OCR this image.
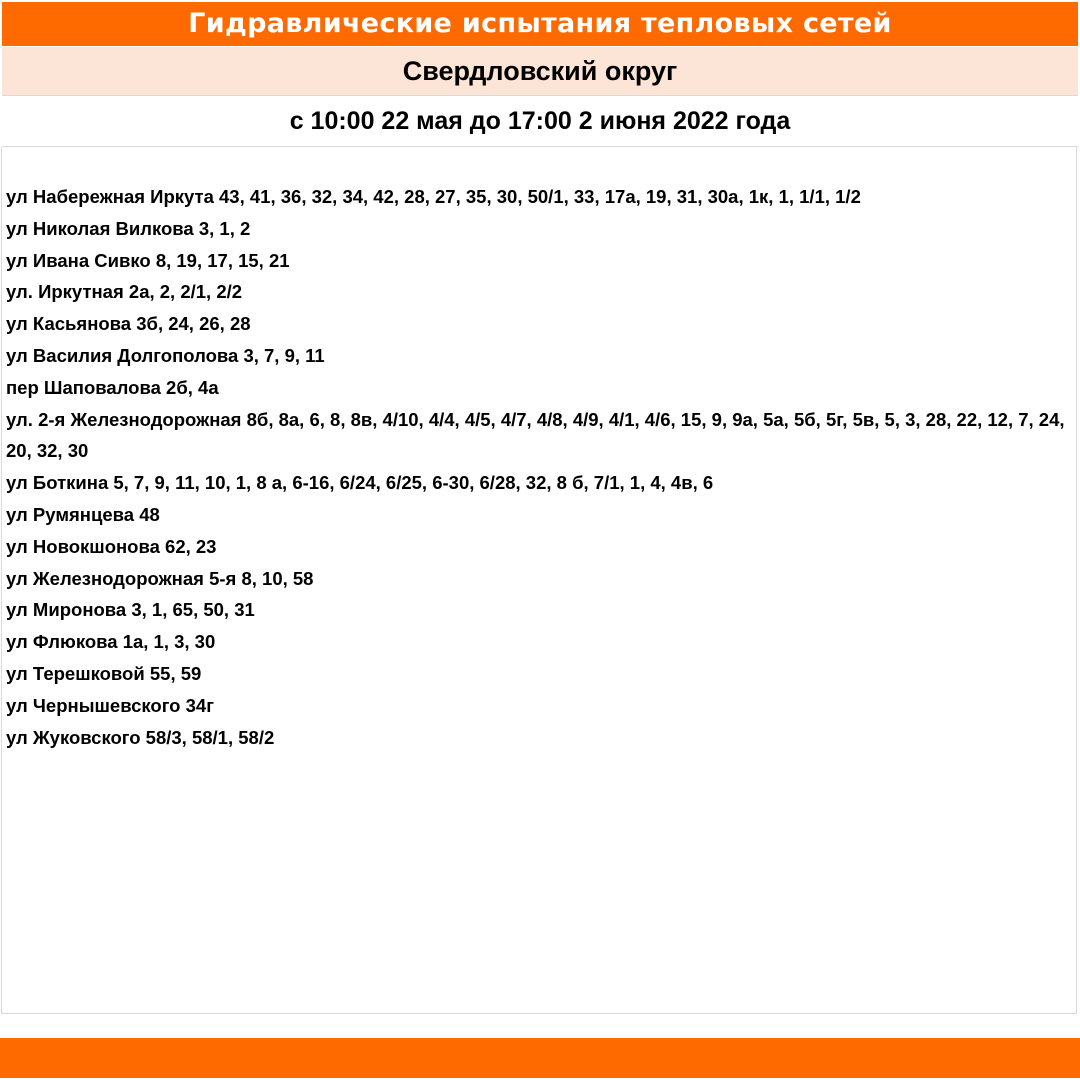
Гидравлические испытания тепловых сетей
Свердловский округ
с 10:00 22 мая до 17:00 2 июня 2022 года
ул Набережная Иркута 43, 41, 36, 32, 34, 42, 28, 27, 35, 30, 50/1, 33, 17а, 19, 31, 30а, 1к, 1, 1/1, 1/2
ул Николая Вилкова 3, 1, 2
ул Ивана Сивко 8, 19, 17, 15, 21
ул. Иркутная 2а, 2, 2/1, 2/2
ул Касьянова 3б, 24, 26, 28
ул Василия Долгополова 3, 7, 9, 11
пер Шаповалова 2б, 4а
ул. 2-я Железнодорожная 8б, 8а, 6, 8, 8в, 4/10, 4/4, 4/5, 4/7, 4/8, 4/9, 4/1, 4/6, 15, 9, 9а, 5а, 5б, 5г, 5в, 5, 3, 28, 22, 12, 7, 24, 20, 32, 30
ул Боткина 5, 7, 9, 11, 10, 1, 8 а, 6-16, 6/24, 6/25, 6-30, 6/28, 32, 8 б, 7/1, 1, 4, 4в, 6
ул Румянцева 48
ул Новокшонова 62, 23
ул Железнодорожная 5-я 8, 10, 58
ул Миронова 3, 1, 65, 50, 31
ул Флюкова 1а, 1, 3, 30
ул Терешковой 55, 59
ул Чернышевского 34г
ул Жуковского 58/3, 58/1, 58/2
